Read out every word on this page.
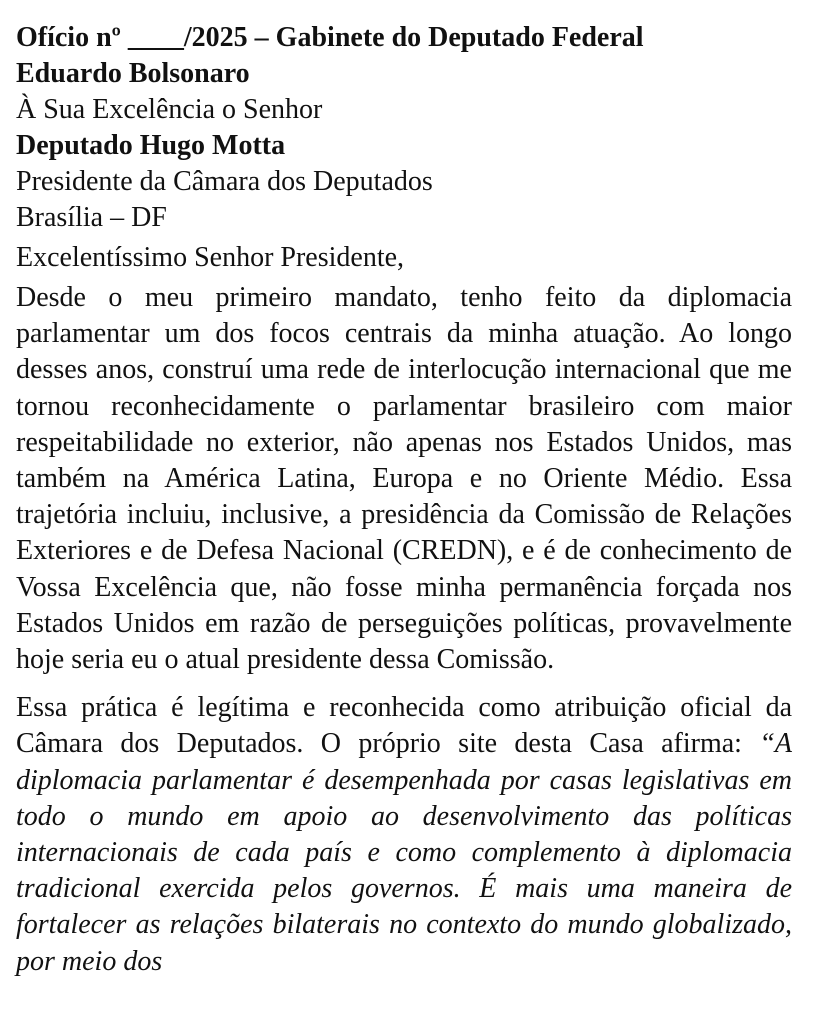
Ofício nº ____/2025 – Gabinete do Deputado Federal
Eduardo Bolsonaro
À Sua Excelência o Senhor
Deputado Hugo Motta
Presidente da Câmara dos Deputados
Brasília – DF
Excelentíssimo Senhor Presidente,
Desde o meu primeiro mandato, tenho feito da diplomacia parlamentar um dos focos centrais da minha atuação. Ao longo desses anos, construí uma rede de interlocução internacional que me tornou reconhecidamente o parlamentar brasileiro com maior respeitabilidade no exterior, não apenas nos Estados Unidos, mas também na América Latina, Europa e no Oriente Médio. Essa trajetória incluiu, inclusive, a presidência da Comissão de Relações Exteriores e de Defesa Nacional (CREDN), e é de conhecimento de Vossa Excelência que, não fosse minha permanência forçada nos Estados Unidos em razão de perseguições políticas, provavelmente hoje seria eu o atual presidente dessa Comissão.
Essa prática é legítima e reconhecida como atribuição oficial da Câmara dos Deputados. O próprio site desta Casa afirma: “A diplomacia parlamentar é desempenhada por casas legislativas em todo o mundo em apoio ao desenvolvimento das políticas internacionais de cada país e como complemento à diplomacia tradicional exercida pelos governos. É mais uma maneira de fortalecer as relações bilaterais no contexto do mundo globalizado, por meio dos
